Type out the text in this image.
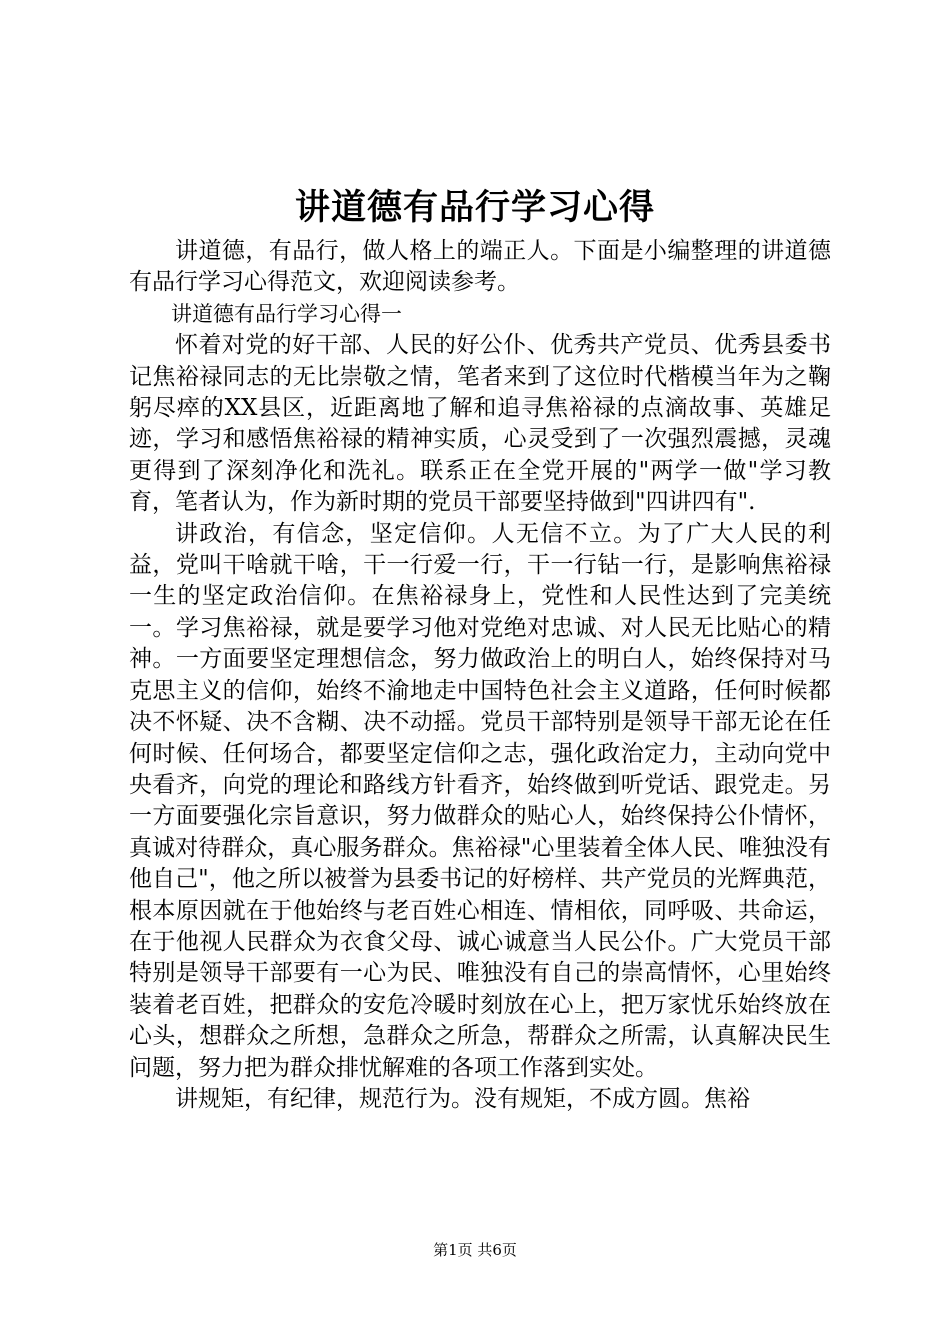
讲道德有品行学习心得

讲道德，有品行，做人格上的端正人。下面是小编整理的讲道德有品行学习心得范文，欢迎阅读参考。

讲道德有品行学习心得一

怀着对党的好干部、人民的好公仆、优秀共产党员、优秀县委书记焦裕禄同志的无比崇敬之情，笔者来到了这位时代楷模当年为之鞠躬尽瘁的XX县区，近距离地了解和追寻焦裕禄的点滴故事、英雄足迹，学习和感悟焦裕禄的精神实质，心灵受到了一次强烈震撼，灵魂更得到了深刻净化和洗礼。联系正在全党开展的"两学一做"学习教育，笔者认为，作为新时期的党员干部要坚持做到"四讲四有".

讲政治，有信念，坚定信仰。人无信不立。为了广大人民的利益，党叫干啥就干啥，干一行爱一行，干一行钻一行，是影响焦裕禄一生的坚定政治信仰。在焦裕禄身上，党性和人民性达到了完美统一。学习焦裕禄，就是要学习他对党绝对忠诚、对人民无比贴心的精神。一方面要坚定理想信念，努力做政治上的明白人，始终保持对马克思主义的信仰，始终不渝地走中国特色社会主义道路，任何时候都决不怀疑、决不含糊、决不动摇。党员干部特别是领导干部无论在任何时候、任何场合，都要坚定信仰之志，强化政治定力，主动向党中央看齐，向党的理论和路线方针看齐，始终做到听党话、跟党走。另一方面要强化宗旨意识，努力做群众的贴心人，始终保持公仆情怀，真诚对待群众，真心服务群众。焦裕禄"心里装着全体人民、唯独没有他自己"，他之所以被誉为县委书记的好榜样、共产党员的光辉典范，根本原因就在于他始终与老百姓心相连、情相依，同呼吸、共命运，在于他视人民群众为衣食父母、诚心诚意当人民公仆。广大党员干部特别是领导干部要有一心为民、唯独没有自己的崇高情怀，心里始终装着老百姓，把群众的安危冷暖时刻放在心上，把万家忧乐始终放在心头，想群众之所想，急群众之所急，帮群众之所需，认真解决民生问题，努力把为群众排忧解难的各项工作落到实处。

讲规矩，有纪律，规范行为。没有规矩，不成方圆。焦裕

第1页 共6页
